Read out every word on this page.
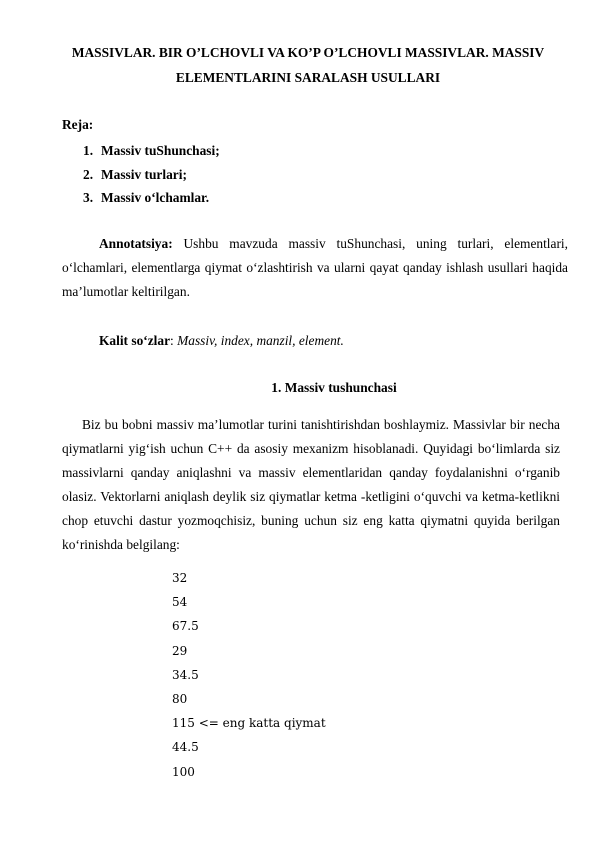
MASSIVLAR. BIR O’LCHOVLI VA KO’P O’LCHOVLI MASSIVLAR. MASSIV
ELEMENTLARINI SARALASH USULLARI
Reja:
1. Massiv tuShunchasi;
2. Massiv turlari;
3. Massiv o‘lchamlar.

Annotatsiya: Ushbu mavzuda massiv tuShunchasi, uning turlari, elementlari, o‘lchamlari, elementlarga qiymat o‘zlashtirish va ularni qayat qanday ishlash usullari haqida ma’lumotlar keltirilgan.

Kalit so‘zlar: Massiv, index, manzil, element.

1. Massiv tushunchasi

Biz bu bobni massiv ma’lumotlar turini tanishtirishdan boshlaymiz. Massivlar bir necha qiymatlarni yig‘ish uchun C++ da asosiy mexanizm hisoblanadi. Quyidagi bo‘limlarda siz massivlarni qanday aniqlashni va massiv elementlaridan qanday foydalanishni o‘rganib olasiz. Vektorlarni aniqlash deylik siz qiymatlar ketma -ketligini o‘quvchi va ketma-ketlikni chop etuvchi dastur yozmoqchisiz, buning uchun siz eng katta qiymatni quyida berilgan ko‘rinishda belgilang:

32
54
67.5
29
34.5
80
115 <= eng katta qiymat
44.5
100
